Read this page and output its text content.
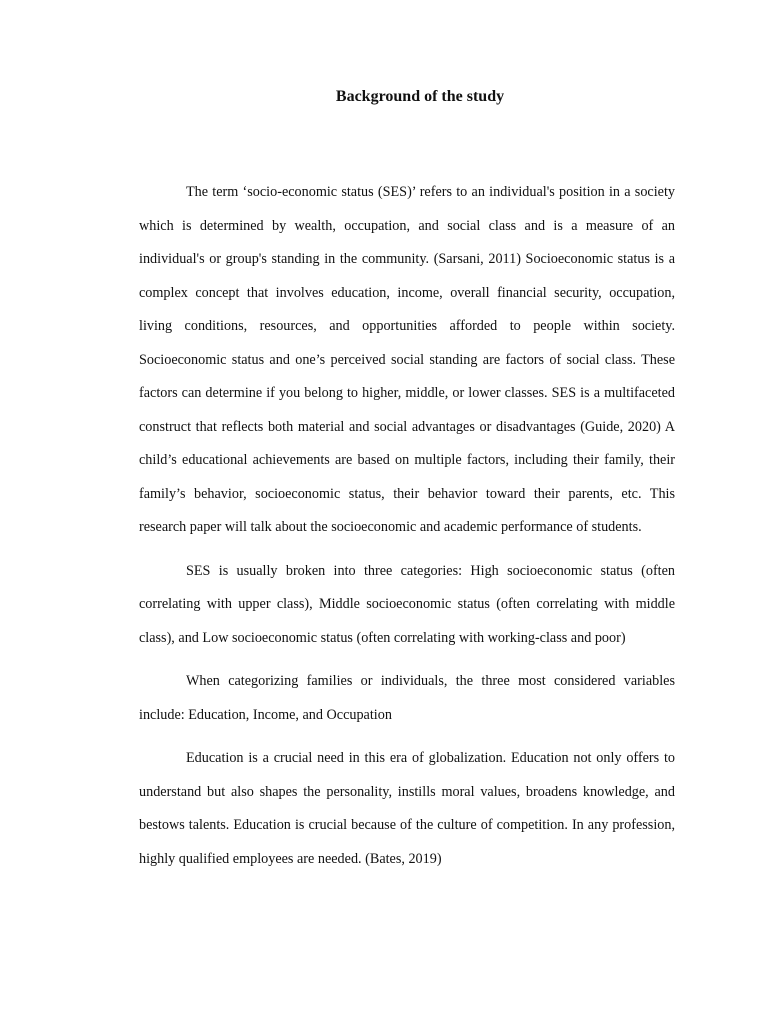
Background of the study

The term ‘socio-economic status (SES)’ refers to an individual's position in a society which is determined by wealth, occupation, and social class and is a measure of an individual's or group's standing in the community. (Sarsani, 2011) Socioeconomic status is a complex concept that involves education, income, overall financial security, occupation, living conditions, resources, and opportunities afforded to people within society. Socioeconomic status and one’s perceived social standing are factors of social class. These factors can determine if you belong to higher, middle, or lower classes. SES is a multifaceted construct that reflects both material and social advantages or disadvantages (Guide, 2020) A child’s educational achievements are based on multiple factors, including their family, their family’s behavior, socioeconomic status, their behavior toward their parents, etc. This research paper will talk about the socioeconomic and academic performance of students.

SES is usually broken into three categories: High socioeconomic status (often correlating with upper class), Middle socioeconomic status (often correlating with middle class), and Low socioeconomic status (often correlating with working-class and poor)

When categorizing families or individuals, the three most considered variables include: Education, Income, and Occupation

Education is a crucial need in this era of globalization. Education not only offers to understand but also shapes the personality, instills moral values, broadens knowledge, and bestows talents. Education is crucial because of the culture of competition. In any profession, highly qualified employees are needed. (Bates, 2019)
